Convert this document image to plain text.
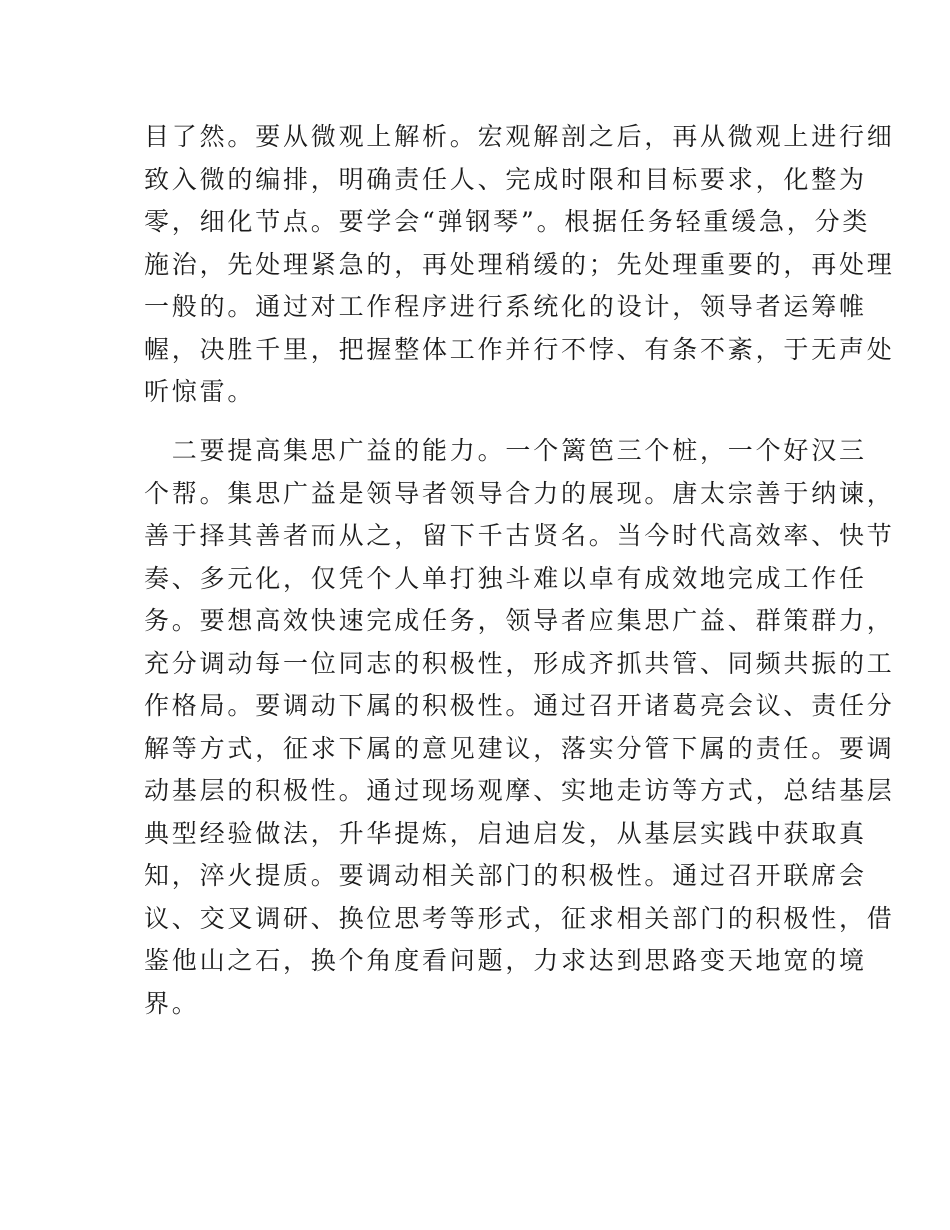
目了然。要从微观上解析。宏观解剖之后，再从微观上进行细
致入微的编排，明确责任人、完成时限和目标要求，化整为
零，细化节点。要学会“弹钢琴”。根据任务轻重缓急，分类
施治，先处理紧急的，再处理稍缓的；先处理重要的，再处理
一般的。通过对工作程序进行系统化的设计，领导者运筹帷
幄，决胜千里，把握整体工作并行不悖、有条不紊，于无声处
听惊雷。
　二要提高集思广益的能力。一个篱笆三个桩，一个好汉三
个帮。集思广益是领导者领导合力的展现。唐太宗善于纳谏，
善于择其善者而从之，留下千古贤名。当今时代高效率、快节
奏、多元化，仅凭个人单打独斗难以卓有成效地完成工作任
务。要想高效快速完成任务，领导者应集思广益、群策群力，
充分调动每一位同志的积极性，形成齐抓共管、同频共振的工
作格局。要调动下属的积极性。通过召开诸葛亮会议、责任分
解等方式，征求下属的意见建议，落实分管下属的责任。要调
动基层的积极性。通过现场观摩、实地走访等方式，总结基层
典型经验做法，升华提炼，启迪启发，从基层实践中获取真
知，淬火提质。要调动相关部门的积极性。通过召开联席会
议、交叉调研、换位思考等形式，征求相关部门的积极性，借
鉴他山之石，换个角度看问题，力求达到思路变天地宽的境
界。
